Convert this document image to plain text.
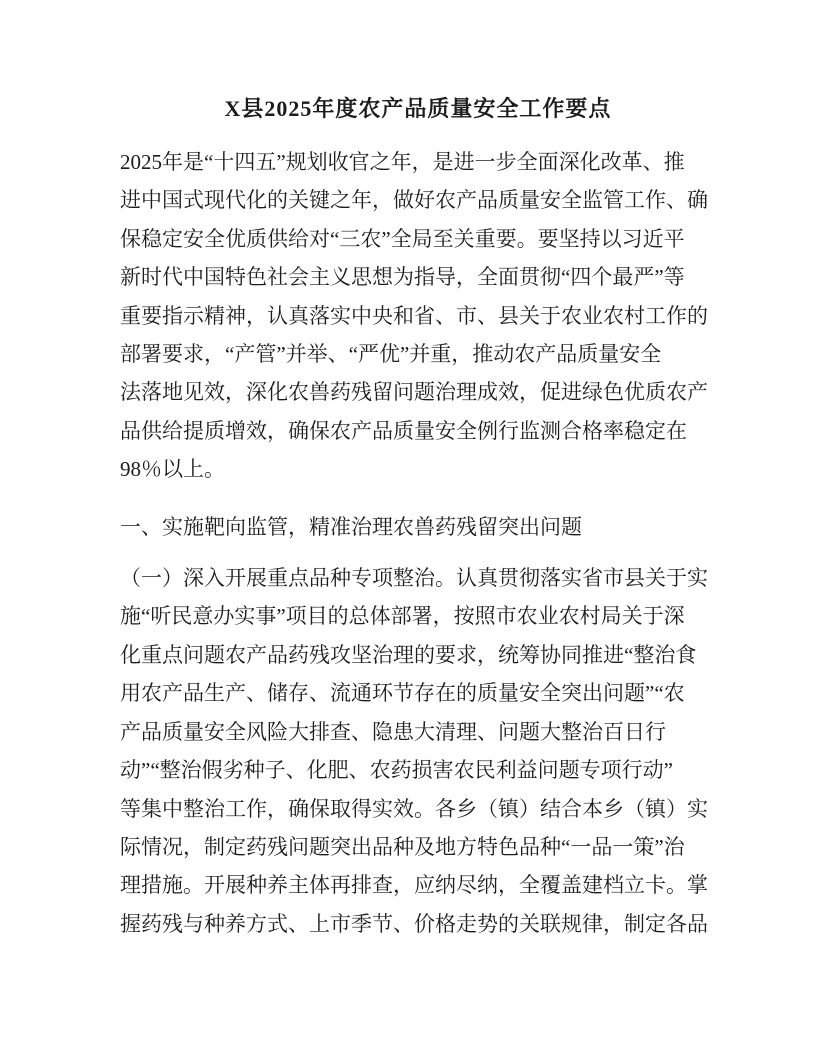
X县2025年度农产品质量安全工作要点
2025年是“十四五”规划收官之年，是进一步全面深化改革、推
进中国式现代化的关键之年，做好农产品质量安全监管工作、确
保稳定安全优质供给对“三农”全局至关重要。要坚持以习近平
新时代中国特色社会主义思想为指导，全面贯彻“四个最严”等
重要指示精神，认真落实中央和省、市、县关于农业农村工作的
部署要求，“产管”并举、“严优”并重，推动农产品质量安全
法落地见效，深化农兽药残留问题治理成效，促进绿色优质农产
品供给提质增效，确保农产品质量安全例行监测合格率稳定在
98％以上。
一、实施靶向监管，精准治理农兽药残留突出问题
（一）深入开展重点品种专项整治。认真贯彻落实省市县关于实
施“听民意办实事”项目的总体部署，按照市农业农村局关于深
化重点问题农产品药残攻坚治理的要求，统筹协同推进“整治食
用农产品生产、储存、流通环节存在的质量安全突出问题”“农
产品质量安全风险大排查、隐患大清理、问题大整治百日行
动”“整治假劣种子、化肥、农药损害农民利益问题专项行动”
等集中整治工作，确保取得实效。各乡（镇）结合本乡（镇）实
际情况，制定药残问题突出品种及地方特色品种“一品一策”治
理措施。开展种养主体再排查，应纳尽纳，全覆盖建档立卡。掌
握药残与种养方式、上市季节、价格走势的关联规律，制定各品
